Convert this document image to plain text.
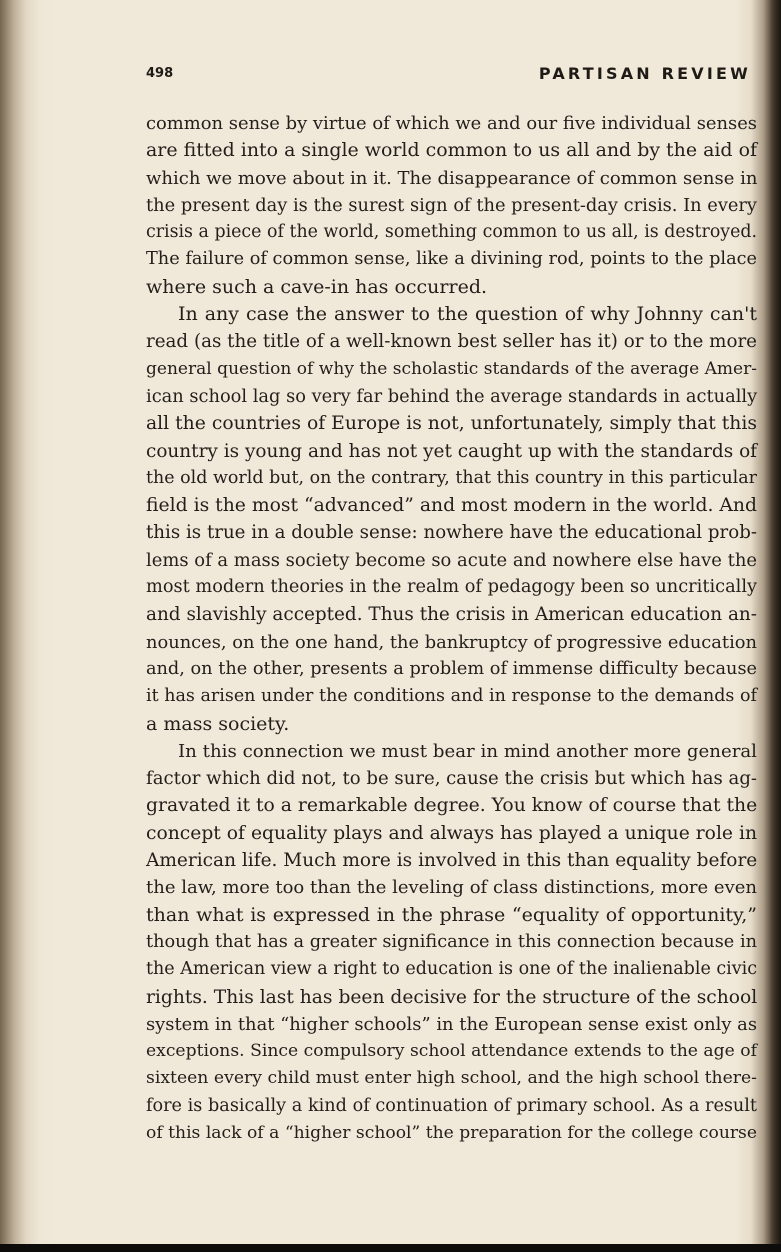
498	PARTISAN REVIEW
common sense by virtue of which we and our five individual senses
are fitted into a single world common to us all and by the aid of
which we move about in it. The disappearance of common sense in
the present day is the surest sign of the present-day crisis. In every
crisis a piece of the world, something common to us all, is destroyed.
The failure of common sense, like a divining rod, points to the place
where such a cave-in has occurred.
In any case the answer to the question of why Johnny can't
read (as the title of a well-known best seller has it) or to the more
general question of why the scholastic standards of the average Amer-
ican school lag so very far behind the average standards in actually
all the countries of Europe is not, unfortunately, simply that this
country is young and has not yet caught up with the standards of
the old world but, on the contrary, that this country in this particular
field is the most “advanced” and most modern in the world. And
this is true in a double sense: nowhere have the educational prob-
lems of a mass society become so acute and nowhere else have the
most modern theories in the realm of pedagogy been so uncritically
and slavishly accepted. Thus the crisis in American education an-
nounces, on the one hand, the bankruptcy of progressive education
and, on the other, presents a problem of immense difficulty because
it has arisen under the conditions and in response to the demands of
a mass society.
In this connection we must bear in mind another more general
factor which did not, to be sure, cause the crisis but which has ag-
gravated it to a remarkable degree. You know of course that the
concept of equality plays and always has played a unique role in
American life. Much more is involved in this than equality before
the law, more too than the leveling of class distinctions, more even
than what is expressed in the phrase “equality of opportunity,”
though that has a greater significance in this connection because in
the American view a right to education is one of the inalienable civic
rights. This last has been decisive for the structure of the school
system in that “higher schools” in the European sense exist only as
exceptions. Since compulsory school attendance extends to the age of
sixteen every child must enter high school, and the high school there-
fore is basically a kind of continuation of primary school. As a result
of this lack of a “higher school” the preparation for the college course
